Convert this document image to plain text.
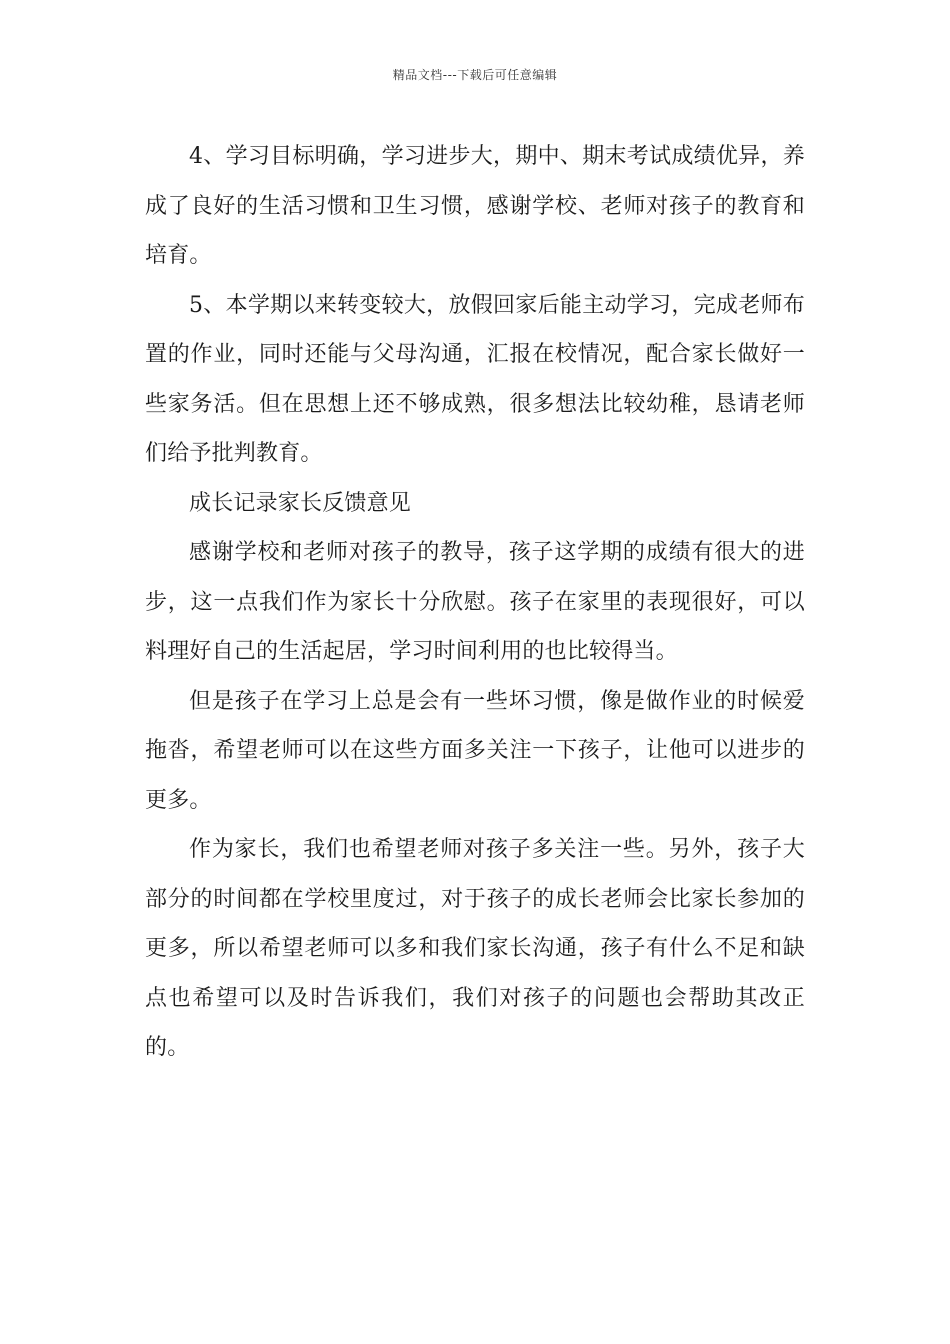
精品文档---下载后可任意编辑

4、学习目标明确，学习进步大，期中、期末考试成绩优异，养成了良好的生活习惯和卫生习惯，感谢学校、老师对孩子的教育和培育。

5、本学期以来转变较大，放假回家后能主动学习，完成老师布置的作业，同时还能与父母沟通，汇报在校情况，配合家长做好一些家务活。但在思想上还不够成熟，很多想法比较幼稚，恳请老师们给予批判教育。

成长记录家长反馈意见

感谢学校和老师对孩子的教导，孩子这学期的成绩有很大的进步，这一点我们作为家长十分欣慰。孩子在家里的表现很好，可以料理好自己的生活起居，学习时间利用的也比较得当。

但是孩子在学习上总是会有一些坏习惯，像是做作业的时候爱拖沓，希望老师可以在这些方面多关注一下孩子，让他可以进步的更多。

作为家长，我们也希望老师对孩子多关注一些。另外，孩子大部分的时间都在学校里度过，对于孩子的成长老师会比家长参加的更多，所以希望老师可以多和我们家长沟通，孩子有什么不足和缺点也希望可以及时告诉我们，我们对孩子的问题也会帮助其改正的。
